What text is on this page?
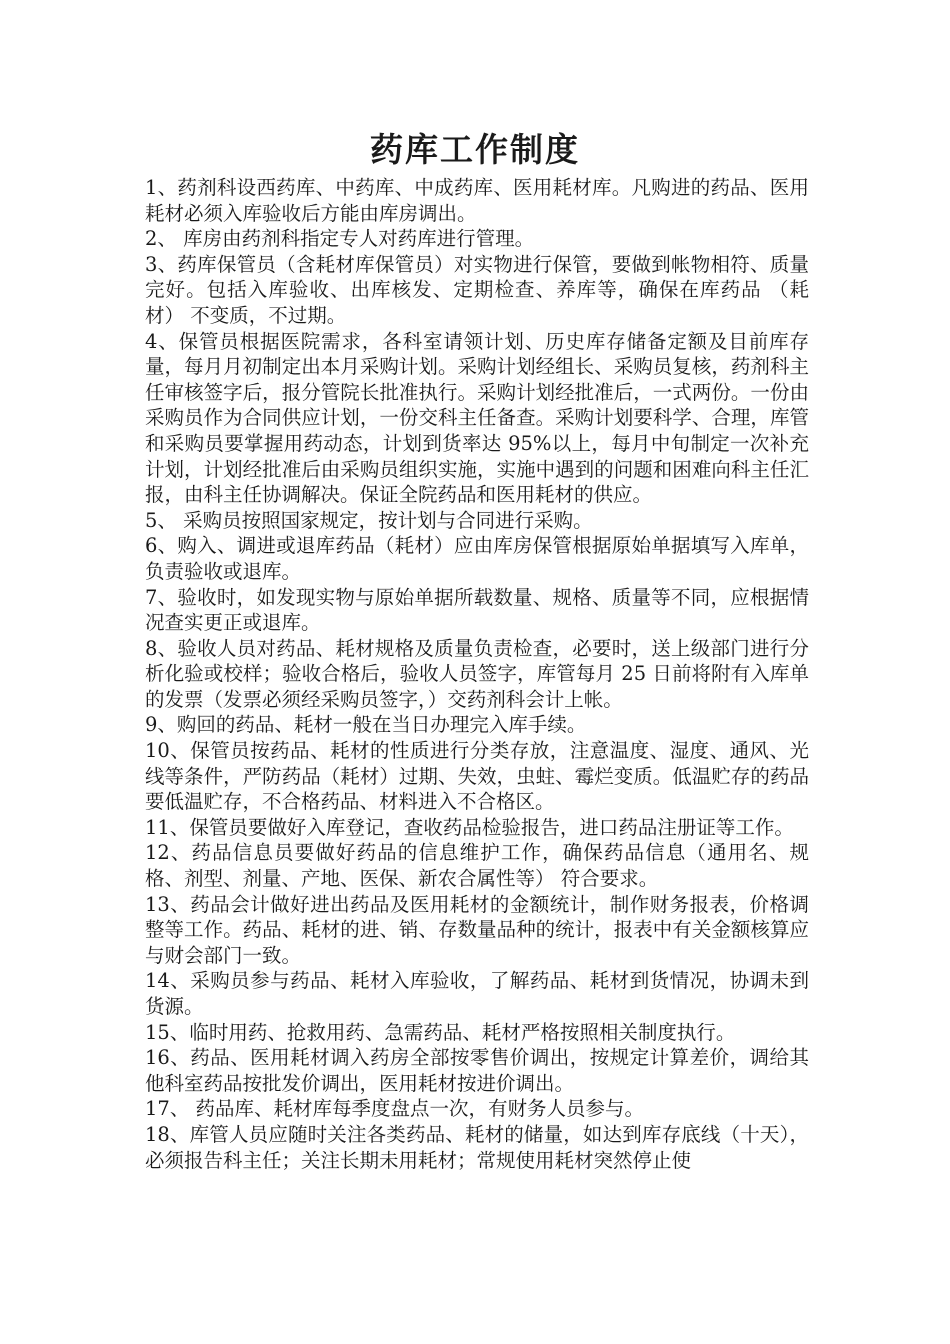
药库工作制度

1、药剂科设西药库、中药库、中成药库、医用耗材库。凡购进的药品、医用耗材必须入库验收后方能由库房调出。

2、 库房由药剂科指定专人对药库进行管理。

3、药库保管员（含耗材库保管员）对实物进行保管，要做到帐物相符、质量完好。包括入库验收、出库核发、定期检查、养库等，确保在库药品 （耗材） 不变质，不过期。

4、保管员根据医院需求，各科室请领计划、历史库存储备定额及目前库存量，每月月初制定出本月采购计划。采购计划经组长、采购员复核，药剂科主任审核签字后，报分管院长批准执行。采购计划经批准后，一式两份。一份由采购员作为合同供应计划，一份交科主任备查。采购计划要科学、合理，库管和采购员要掌握用药动态，计划到货率达 95%以上，每月中旬制定一次补充计划，计划经批准后由采购员组织实施，实施中遇到的问题和困难向科主任汇报，由科主任协调解决。保证全院药品和医用耗材的供应。

5、 采购员按照国家规定，按计划与合同进行采购。

6、购入、调进或退库药品（耗材）应由库房保管根据原始单据填写入库单，负责验收或退库。

7、验收时，如发现实物与原始单据所载数量、规格、质量等不同，应根据情况查实更正或退库。

8、验收人员对药品、耗材规格及质量负责检查，必要时，送上级部门进行分析化验或校样；验收合格后，验收人员签字，库管每月 25 日前将附有入库单的发票（发票必须经采购员签字，）交药剂科会计上帐。

9、购回的药品、耗材一般在当日办理完入库手续。

10、保管员按药品、耗材的性质进行分类存放，注意温度、湿度、通风、光线等条件，严防药品（耗材）过期、失效，虫蛀、霉烂变质。低温贮存的药品要低温贮存，不合格药品、材料进入不合格区。

11、保管员要做好入库登记，查收药品检验报告，进口药品注册证等工作。

12、药品信息员要做好药品的信息维护工作，确保药品信息（通用名、规格、剂型、剂量、产地、医保、新农合属性等） 符合要求。

13、药品会计做好进出药品及医用耗材的金额统计，制作财务报表，价格调整等工作。药品、耗材的进、销、存数量品种的统计，报表中有关金额核算应与财会部门一致。

14、采购员参与药品、耗材入库验收，了解药品、耗材到货情况，协调未到货源。

15、临时用药、抢救用药、急需药品、耗材严格按照相关制度执行。

16、药品、医用耗材调入药房全部按零售价调出，按规定计算差价，调给其他科室药品按批发价调出，医用耗材按进价调出。

17、 药品库、耗材库每季度盘点一次，有财务人员参与。

18、库管人员应随时关注各类药品、耗材的储量，如达到库存底线（十天），必须报告科主任；关注长期未用耗材；常规使用耗材突然停止使
